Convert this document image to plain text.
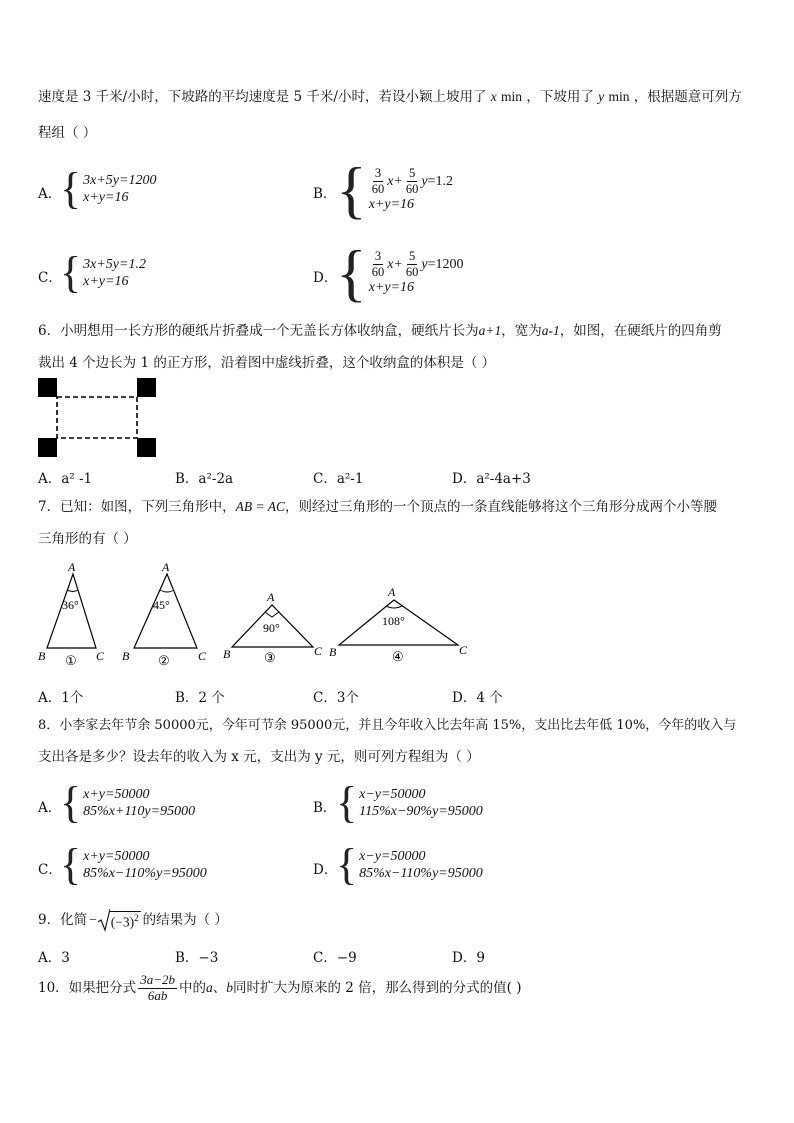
速度是 3 千米/小时，下坡路的平均速度是 5 千米/小时，若设小颖上坡用了 x min ，下坡用了 y min ，根据题意可列方
程组（ ）
A．
{ 3x+5y=1200
x+y=16	B． { $\frac{3}{60} x+ \frac{5}{60}$ y =1.2
x+y=16
C．
{ 3x+5y=1.2
x+y=16	D．
{ $\frac{3}{60} x+ \frac{5}{60}$ y =1200
x+y=16
6．小明想用一长方形的硬纸片折叠成一个无盖长方体收纳盒，硬纸片长为a+1，宽为a-1，如图，在硬纸片的四角剪
裁出 4 个边长为 1 的正方形，沿着图中虚线折叠，这个收纳盒的体积是（ ）
A．a² -1	B．a²-2a	C．a²-1	D．a²-4a+3
7．已知：如图，下列三角形中，AB = AC，则经过三角形的一个顶点的一条直线能够将这个三角形分成两个小等腰
三角形的有（ ）
A
B	C
36°
①
A
B	C
45°
②
A
B	C
90°
③
A
B	C
108°
④
A．1个	B．2 个	C．3个	D．4 个
8．小李家去年节余 50000元，今年可节余 95000元，并且今年收入比去年高 15%，支出比去年低 10%，今年的收入与
支出各是多少？设去年的收入为 x 元，支出为 y 元，则可列方程组为（ ）
A．
{ x+y=50000
85%x+110y=95000	B． { x−y=50000
115%x−90%y=95000
C．
{ x+y=50000
85%x−110%y=95000	D．
{ x−y=50000
85%x−110%y=95000
9．化简 − $(-3)^2$ 的结果为（ ）
A．3	B．−3	C．−9	D．9
10．如果把分式 $\frac{3a-2b}{6ab}$ 中的 a 、 b 同时扩大为原来的 2 倍，那么得到的分式的值( )
